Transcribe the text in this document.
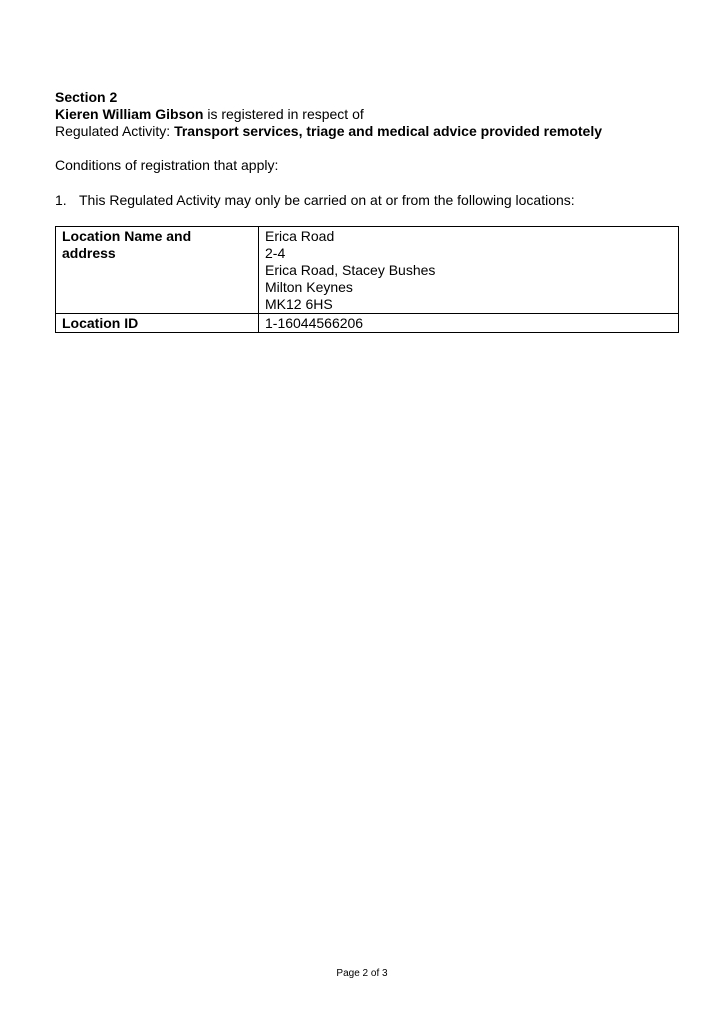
Section 2
Kieren William Gibson is registered in respect of
Regulated Activity: Transport services, triage and medical advice provided remotely
Conditions of registration that apply:
1. This Regulated Activity may only be carried on at or from the following locations:
Location Name and
address	Erica Road
2-4
Erica Road, Stacey Bushes
Milton Keynes
MK12 6HS

Location ID	1-16044566206
Page 2 of 3
